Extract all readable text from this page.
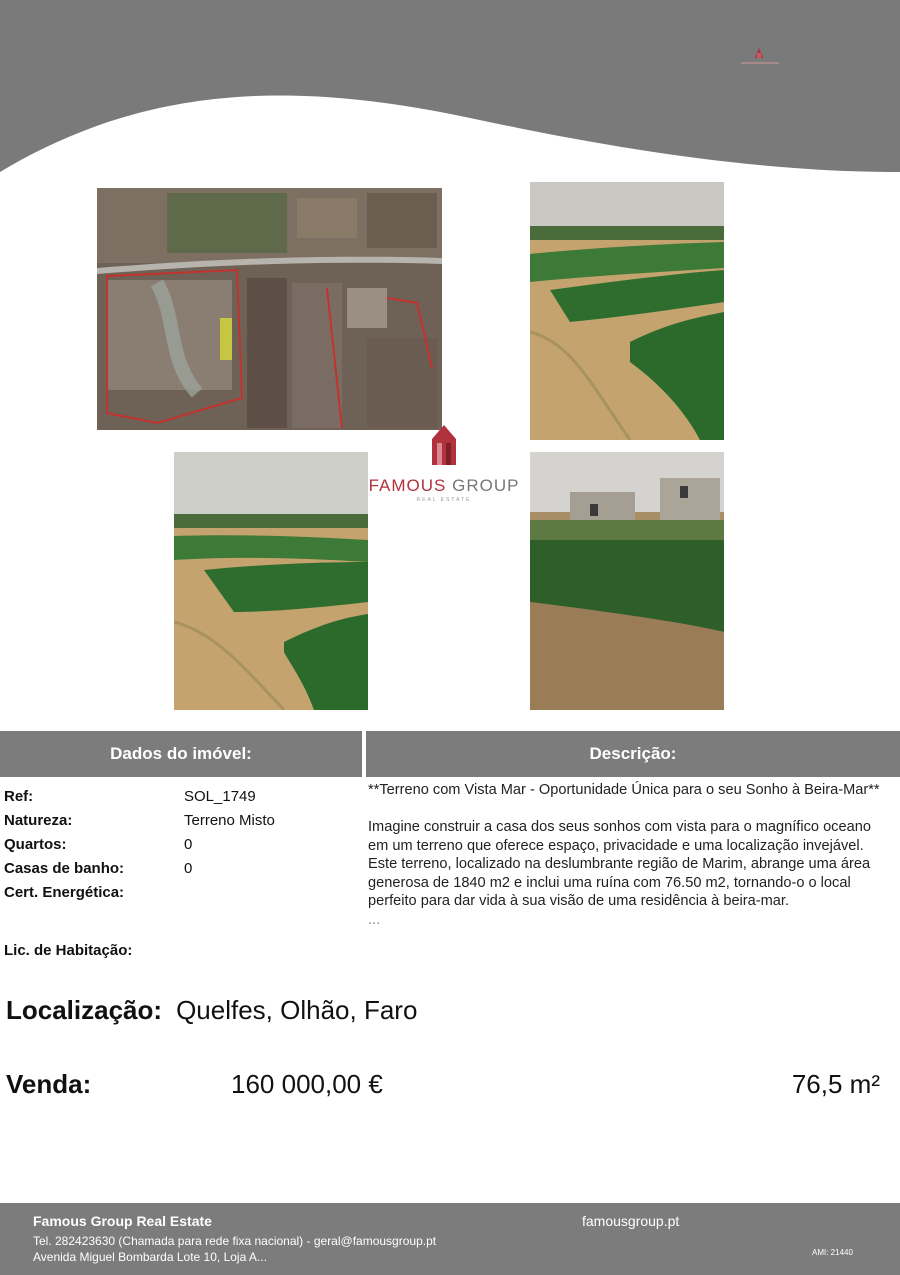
FAMOUS GROUP
REAL ESTATE
Dados do imóvel:	Descrição:
Ref:	SOL_1749
Natureza:	Terreno Misto
Quartos:	0
Casas de banho:	0
Cert. Energética:
Lic. de Habitação:

**Terreno com Vista Mar - Oportunidade Única para o seu Sonho à Beira-Mar**

Imagine construir a casa dos seus sonhos com vista para o magnífico oceano em um terreno que oferece espaço, privacidade e uma localização invejável. Este terreno, localizado na deslumbrante região de Marim, abrange uma área generosa de 1840 m2 e inclui uma ruína com 76.50 m2, tornando-o o local perfeito para dar vida à sua visão de uma residência à beira-mar.

...

Localização: Quelfes, Olhão, Faro
Venda:	160 000,00 €	76,5 m²
Famous Group Real Estate
Tel. 282423630 (Chamada para rede fixa nacional) - geral@famousgroup.pt
Avenida Miguel Bombarda Lote 10, Loja A...
famousgroup.pt
AMI: 21440
